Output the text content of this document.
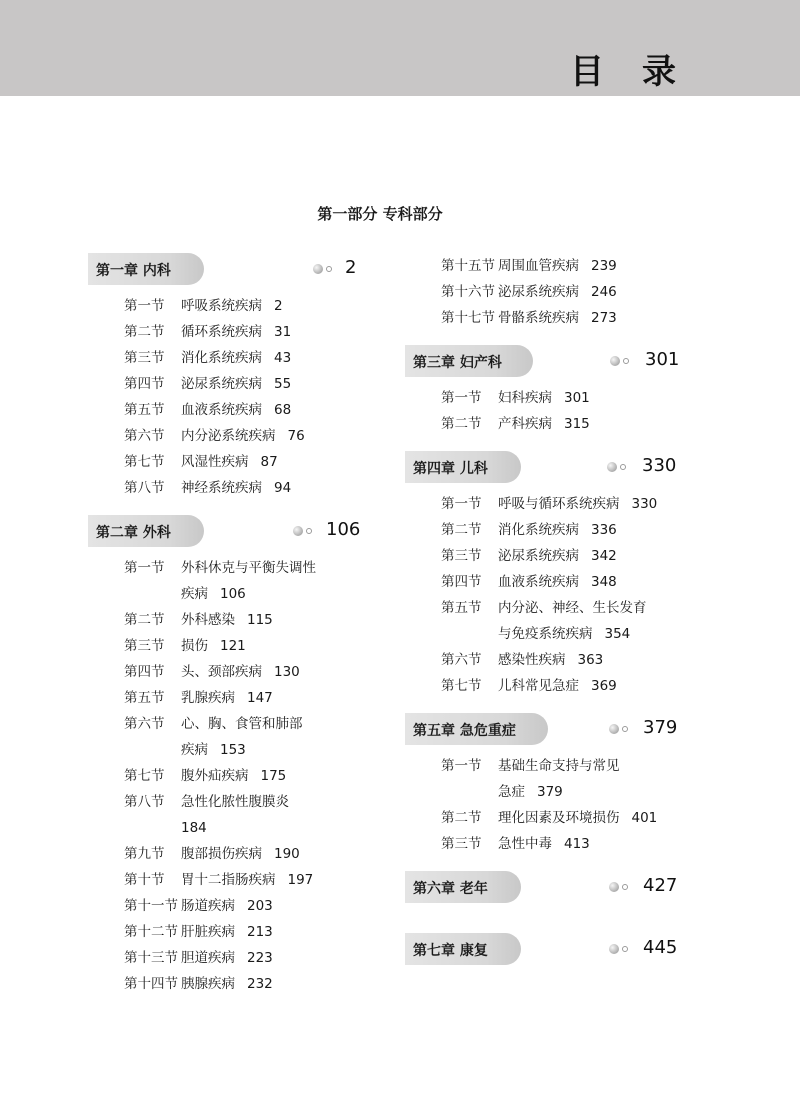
目录
第一部分 专科部分
第一章 内科	2
第一节 呼吸系统疾病 2
第二节 循环系统疾病 31
第三节 消化系统疾病 43
第四节 泌尿系统疾病 55
第五节 血液系统疾病 68
第六节 内分泌系统疾病 76
第七节 风湿性疾病 87
第八节 神经系统疾病 94
第二章 外科	106
第一节 外科休克与平衡失调性
疾病 106
第二节 外科感染 115
第三节 损伤 121
第四节 头、颈部疾病 130
第五节 乳腺疾病 147
第六节 心、胸、食管和肺部
疾病 153
第七节 腹外疝疾病 175
第八节 急性化脓性腹膜炎
184
第九节 腹部损伤疾病 190
第十节 胃十二指肠疾病 197
第十一节 肠道疾病 203
第十二节 肝脏疾病 213
第十三节 胆道疾病 223
第十四节 胰腺疾病 232
第十五节 周围血管疾病 239
第十六节 泌尿系统疾病 246
第十七节 骨骼系统疾病 273
第三章 妇产科	301
第一节 妇科疾病 301
第二节 产科疾病 315
第四章 儿科	330
第一节 呼吸与循环系统疾病 330
第二节 消化系统疾病 336
第三节 泌尿系统疾病 342
第四节 血液系统疾病 348
第五节 内分泌、神经、生长发育
与免疫系统疾病 354
第六节 感染性疾病 363
第七节 儿科常见急症 369
第五章 急危重症	379
第一节 基础生命支持与常见
急症 379
第二节 理化因素及环境损伤 401
第三节 急性中毒 413
第六章 老年	427
第七章 康复	445
